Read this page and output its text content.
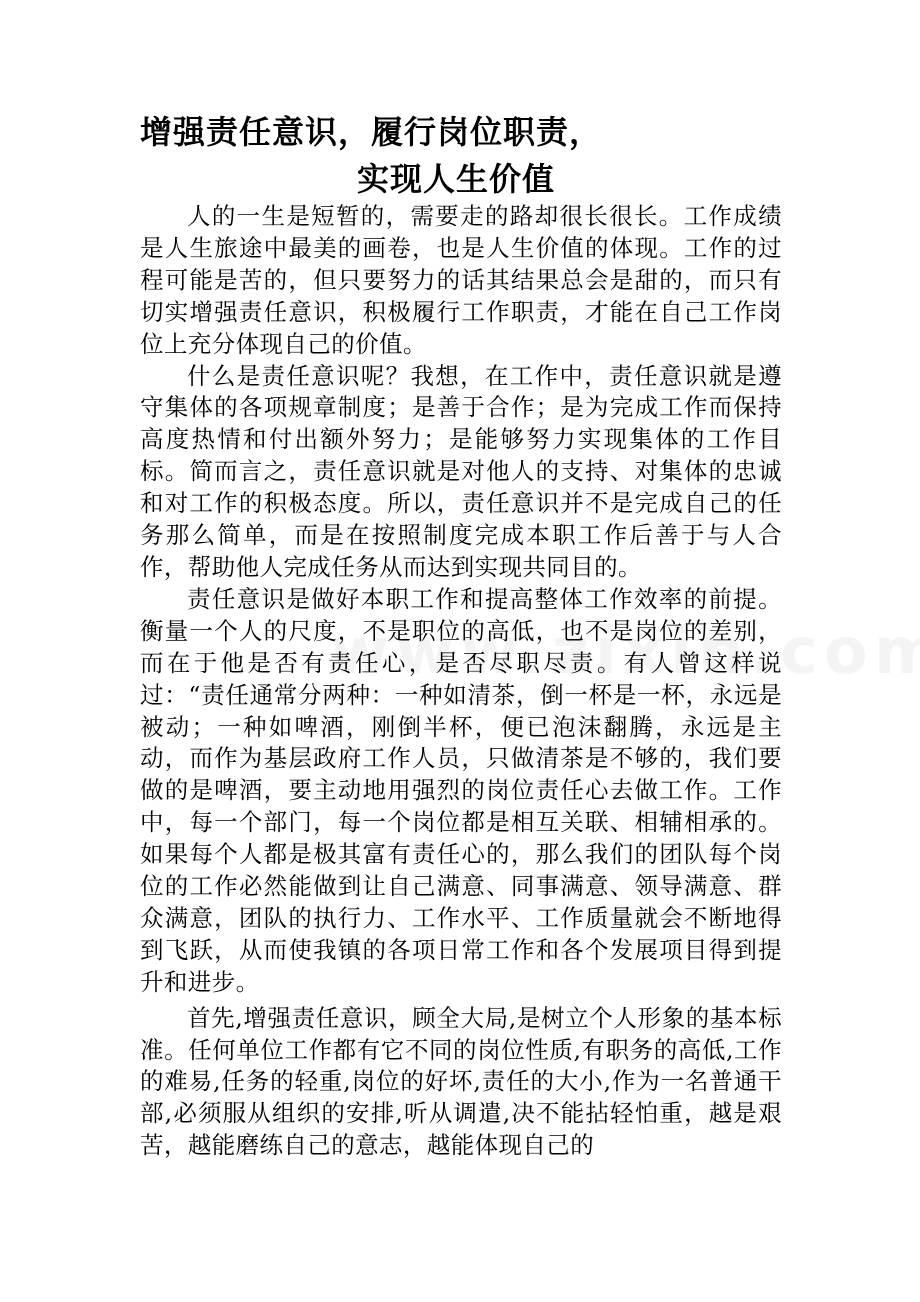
增强责任意识，履行岗位职责，
实现人生价值

人的一生是短暂的，需要走的路却很长很长。工作成绩是人生旅途中最美的画卷，也是人生价值的体现。工作的过程可能是苦的，但只要努力的话其结果总会是甜的，而只有切实增强责任意识，积极履行工作职责，才能在自己工作岗位上充分体现自己的价值。

什么是责任意识呢？我想，在工作中，责任意识就是遵守集体的各项规章制度；是善于合作；是为完成工作而保持高度热情和付出额外努力；是能够努力实现集体的工作目标。简而言之，责任意识就是对他人的支持、对集体的忠诚和对工作的积极态度。所以，责任意识并不是完成自己的任务那么简单，而是在按照制度完成本职工作后善于与人合作，帮助他人完成任务从而达到实现共同目的。

责任意识是做好本职工作和提高整体工作效率的前提。衡量一个人的尺度，不是职位的高低，也不是岗位的差别，而在于他是否有责任心，是否尽职尽责。有人曾这样说过：“责任通常分两种：一种如清茶，倒一杯是一杯，永远是被动；一种如啤酒，刚倒半杯，便已泡沫翻腾，永远是主动，而作为基层政府工作人员，只做清茶是不够的，我们要做的是啤酒，要主动地用强烈的岗位责任心去做工作。工作中，每一个部门，每一个岗位都是相互关联、相辅相承的。如果每个人都是极其富有责任心的，那么我们的团队每个岗位的工作必然能做到让自己满意、同事满意、领导满意、群众满意，团队的执行力、工作水平、工作质量就会不断地得到飞跃，从而使我镇的各项日常工作和各个发展项目得到提升和进步。

首先,增强责任意识，顾全大局,是树立个人形象的基本标准。任何单位工作都有它不同的岗位性质,有职务的高低,工作的难易,任务的轻重,岗位的好坏,责任的大小,作为一名普通干部,必须服从组织的安排,听从调遣,决不能拈轻怕重，越是艰苦，越能磨练自己的意志，越能体现自己的
